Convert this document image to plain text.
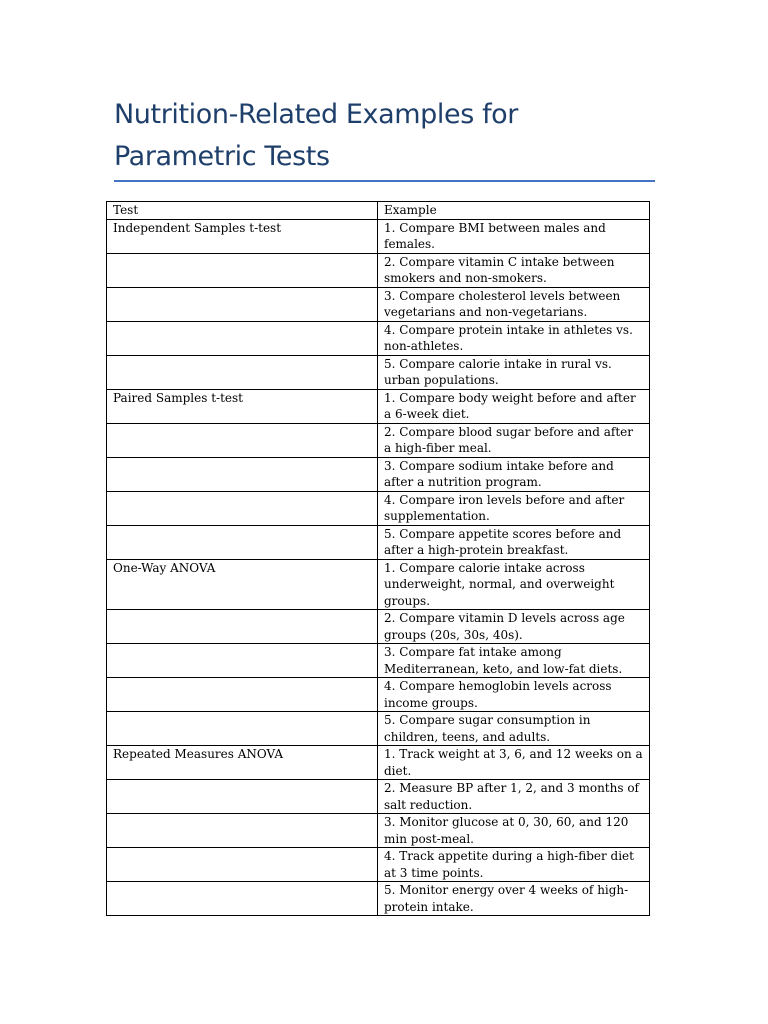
Nutrition-Related Examples for Parametric Tests
Test	Example
Independent Samples t-test	1. Compare BMI between males and females.
	2. Compare vitamin C intake between smokers and non-smokers.
	3. Compare cholesterol levels between vegetarians and non-vegetarians.
	4. Compare protein intake in athletes vs. non-athletes.
	5. Compare calorie intake in rural vs. urban populations.
Paired Samples t-test	1. Compare body weight before and after a 6-week diet.
	2. Compare blood sugar before and after a high-fiber meal.
	3. Compare sodium intake before and after a nutrition program.
	4. Compare iron levels before and after supplementation.
	5. Compare appetite scores before and after a high-protein breakfast.
One-Way ANOVA	1. Compare calorie intake across underweight, normal, and overweight groups.
	2. Compare vitamin D levels across age groups (20s, 30s, 40s).
	3. Compare fat intake among Mediterranean, keto, and low-fat diets.
	4. Compare hemoglobin levels across income groups.
	5. Compare sugar consumption in children, teens, and adults.
Repeated Measures ANOVA	1. Track weight at 3, 6, and 12 weeks on a diet.
	2. Measure BP after 1, 2, and 3 months of salt reduction.
	3. Monitor glucose at 0, 30, 60, and 120 min post-meal.
	4. Track appetite during a high-fiber diet at 3 time points.
	5. Monitor energy over 4 weeks of high-protein intake.
